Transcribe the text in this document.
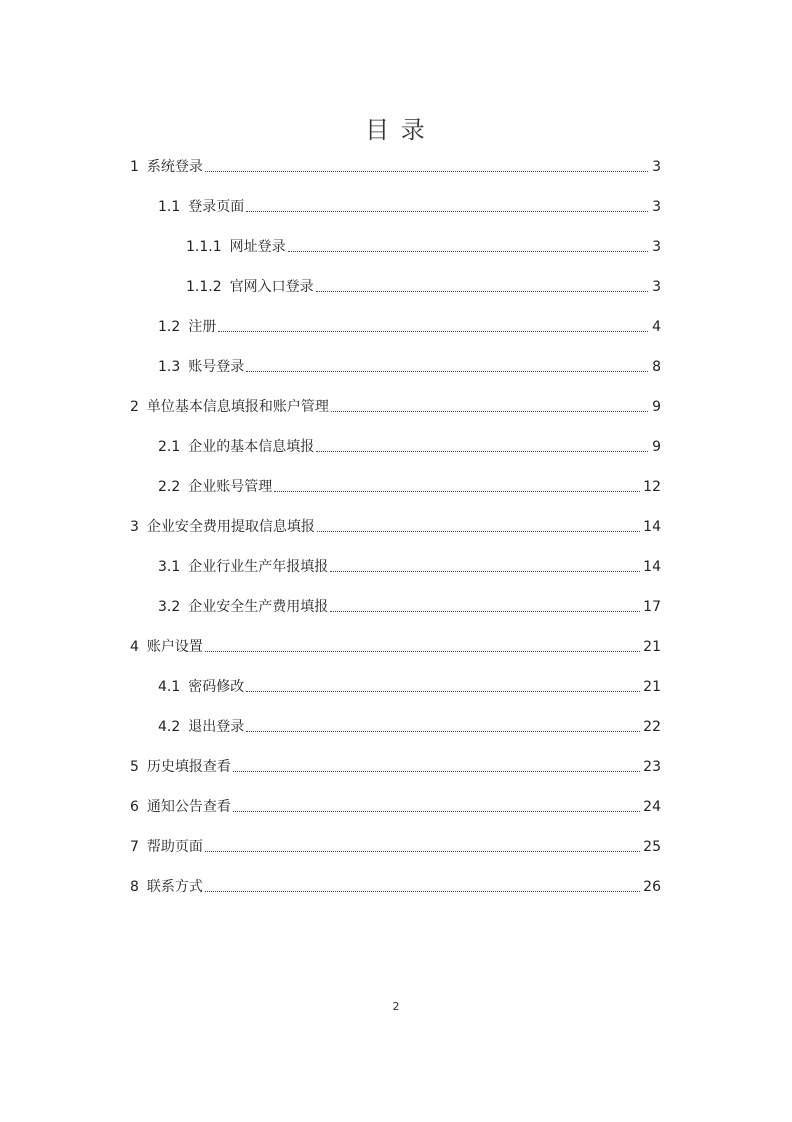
目 录
1 系统登录	3
1.1 登录页面	3
1.1.1 网址登录	3
1.1.2 官网入口登录	3
1.2 注册	4
1.3 账号登录	8
2 单位基本信息填报和账户管理	9
2.1 企业的基本信息填报	9
2.2 企业账号管理	12
3 企业安全费用提取信息填报	14
3.1 企业行业生产年报填报	14
3.2 企业安全生产费用填报	17
4 账户设置	21
4.1 密码修改	21
4.2 退出登录	22
5 历史填报查看	23
6 通知公告查看	24
7 帮助页面	25
8 联系方式	26
2
